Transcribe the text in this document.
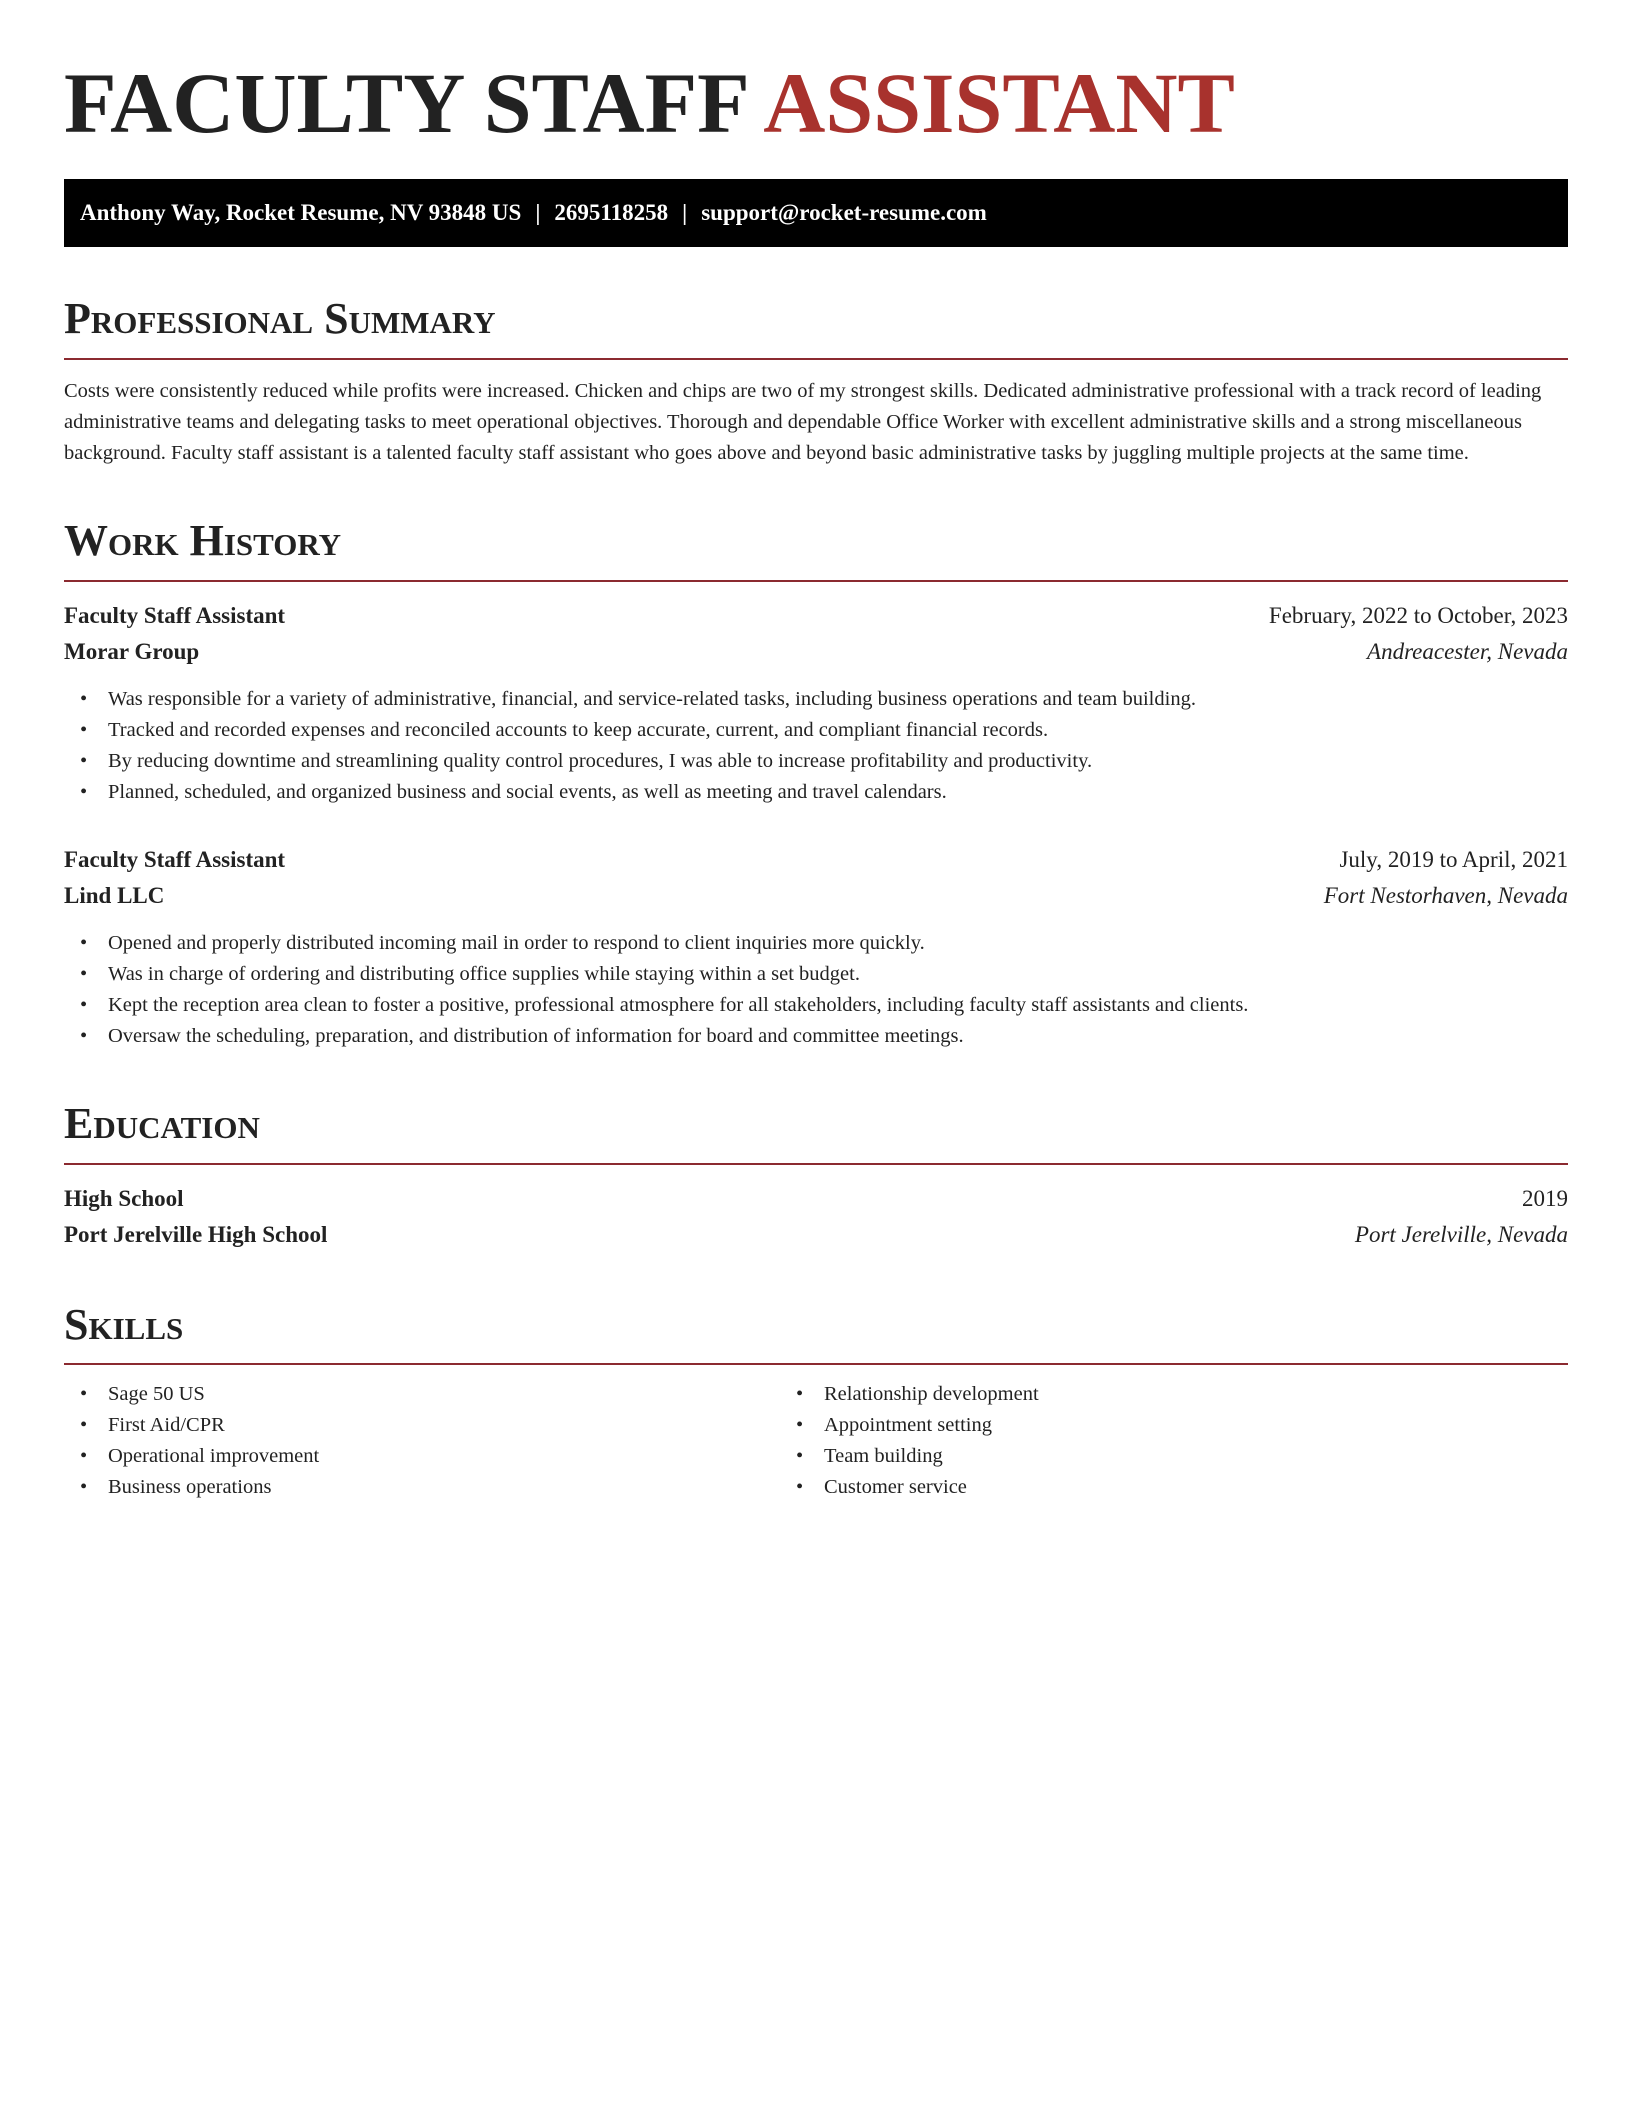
FACULTY STAFF ASSISTANT
Anthony Way, Rocket Resume, NV 93848 US | 2695118258 | support@rocket-resume.com
Professional Summary

Costs were consistently reduced while profits were increased. Chicken and chips are two of my strongest skills. Dedicated administrative professional with a track record of leading administrative teams and delegating tasks to meet operational objectives. Thorough and dependable Office Worker with excellent administrative skills and a strong miscellaneous background. Faculty staff assistant is a talented faculty staff assistant who goes above and beyond basic administrative tasks by juggling multiple projects at the same time.

Work History
Faculty Staff Assistant	February, 2022 to October, 2023
Morar Group	Andreacester, Nevada
• Was responsible for a variety of administrative, financial, and service-related tasks, including business operations and team building.
• Tracked and recorded expenses and reconciled accounts to keep accurate, current, and compliant financial records.
• By reducing downtime and streamlining quality control procedures, I was able to increase profitability and productivity.
• Planned, scheduled, and organized business and social events, as well as meeting and travel calendars.
Faculty Staff Assistant	July, 2019 to April, 2021
Lind LLC	Fort Nestorhaven, Nevada
• Opened and properly distributed incoming mail in order to respond to client inquiries more quickly.
• Was in charge of ordering and distributing office supplies while staying within a set budget.
• Kept the reception area clean to foster a positive, professional atmosphere for all stakeholders, including faculty staff assistants and clients.
• Oversaw the scheduling, preparation, and distribution of information for board and committee meetings.
Education
High School	2019
Port Jerelville High School	Port Jerelville, Nevada
Skills
• Sage 50 US
• First Aid/CPR
• Operational improvement
• Business operations
• Relationship development
• Appointment setting
• Team building
• Customer service
